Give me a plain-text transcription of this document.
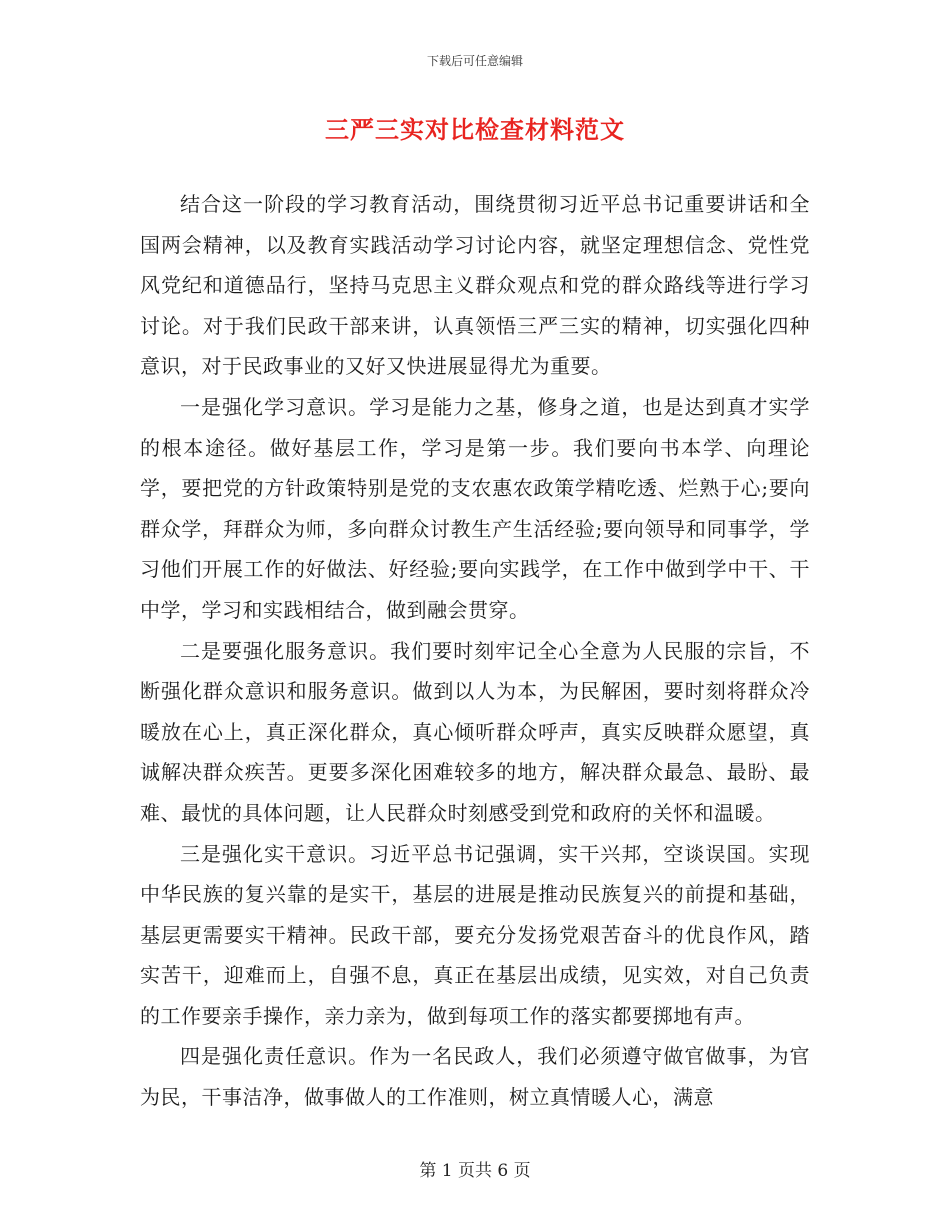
下载后可任意编辑
三严三实对比检查材料范文

结合这一阶段的学习教育活动，围绕贯彻习近平总书记重要讲话和全国两会精神，以及教育实践活动学习讨论内容，就坚定理想信念、党性党风党纪和道德品行，坚持马克思主义群众观点和党的群众路线等进行学习讨论。对于我们民政干部来讲，认真领悟三严三实的精神，切实强化四种意识，对于民政事业的又好又快进展显得尤为重要。

一是强化学习意识。学习是能力之基，修身之道，也是达到真才实学的根本途径。做好基层工作，学习是第一步。我们要向书本学、向理论学，要把党的方针政策特别是党的支农惠农政策学精吃透、烂熟于心;要向群众学，拜群众为师，多向群众讨教生产生活经验;要向领导和同事学，学习他们开展工作的好做法、好经验;要向实践学，在工作中做到学中干、干中学，学习和实践相结合，做到融会贯穿。

二是要强化服务意识。我们要时刻牢记全心全意为人民服的宗旨，不断强化群众意识和服务意识。做到以人为本，为民解困，要时刻将群众冷暖放在心上，真正深化群众，真心倾听群众呼声，真实反映群众愿望，真诚解决群众疾苦。更要多深化困难较多的地方，解决群众最急、最盼、最难、最忧的具体问题，让人民群众时刻感受到党和政府的关怀和温暖。

三是强化实干意识。习近平总书记强调，实干兴邦，空谈误国。实现中华民族的复兴靠的是实干，基层的进展是推动民族复兴的前提和基础，基层更需要实干精神。民政干部，要充分发扬党艰苦奋斗的优良作风，踏实苦干，迎难而上，自强不息，真正在基层出成绩，见实效，对自己负责的工作要亲手操作，亲力亲为，做到每项工作的落实都要掷地有声。

四是强化责任意识。作为一名民政人，我们必须遵守做官做事，为官为民，干事洁净，做事做人的工作准则，树立真情暖人心，满意

第 1 页共 6 页
